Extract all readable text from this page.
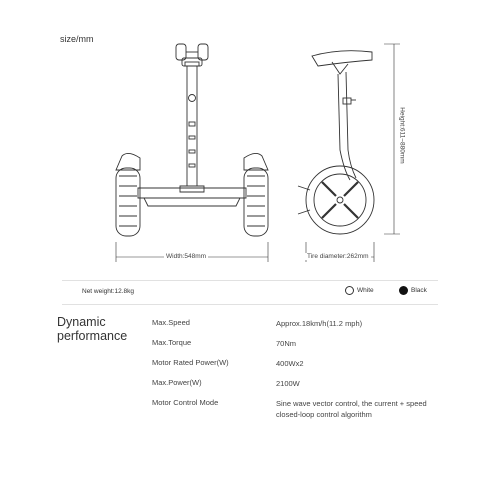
size/mm
Width:548mm	Tire diameter:262mm
Height:611~880mm
Net weight:12.8kg	White	Black
Dynamic
performance
Max.Speed	Approx.18km/h(11.2 mph)
Max.Torque	70Nm
Motor Rated Power(W)	400Wx2
Max.Power(W)	2100W
Motor Control Mode	Sine wave vector control, the current + speed closed-loop control algorithm
